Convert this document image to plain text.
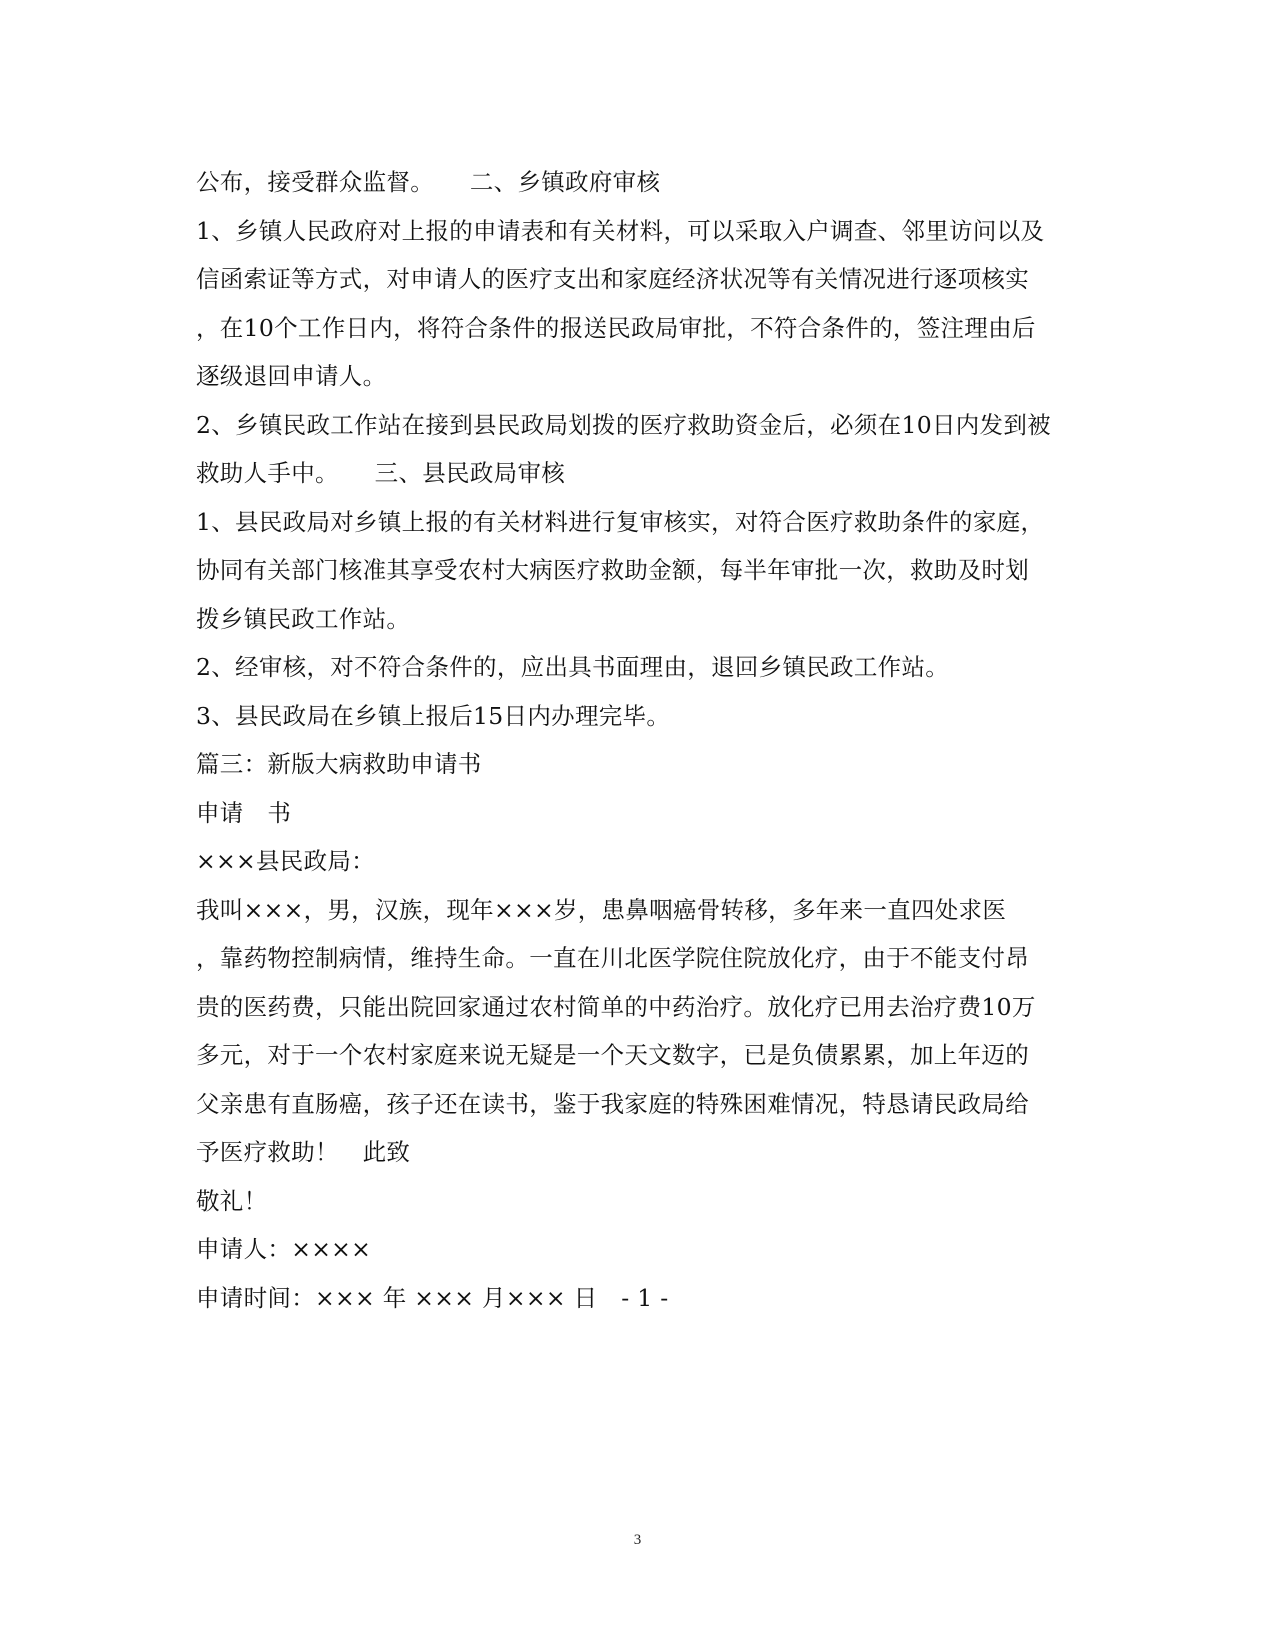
公布，接受群众监督。　　二、乡镇政府审核
1、乡镇人民政府对上报的申请表和有关材料，可以采取入户调查、邻里访问以及
信函索证等方式，对申请人的医疗支出和家庭经济状况等有关情况进行逐项核实
，在10个工作日内，将符合条件的报送民政局审批，不符合条件的，签注理由后
逐级退回申请人。
2、乡镇民政工作站在接到县民政局划拨的医疗救助资金后，必须在10日内发到被
救助人手中。　　三、县民政局审核
1、县民政局对乡镇上报的有关材料进行复审核实，对符合医疗救助条件的家庭，
协同有关部门核准其享受农村大病医疗救助金额，每半年审批一次，救助及时划
拨乡镇民政工作站。
2、经审核，对不符合条件的，应出具书面理由，退回乡镇民政工作站。
3、县民政局在乡镇上报后15日内办理完毕。
篇三：新版大病救助申请书
申请　书
×××县民政局：
我叫×××，男，汉族，现年×××岁，患鼻咽癌骨转移，多年来一直四处求医
，靠药物控制病情，维持生命。一直在川北医学院住院放化疗，由于不能支付昂
贵的医药费，只能出院回家通过农村简单的中药治疗。放化疗已用去治疗费10万
多元，对于一个农村家庭来说无疑是一个天文数字，已是负债累累，加上年迈的
父亲患有直肠癌，孩子还在读书，鉴于我家庭的特殊困难情况，特恳请民政局给
予医疗救助！　此致
敬礼！
申请人：××××
申请时间：××× 年 ××× 月××× 日　- 1 -
3
